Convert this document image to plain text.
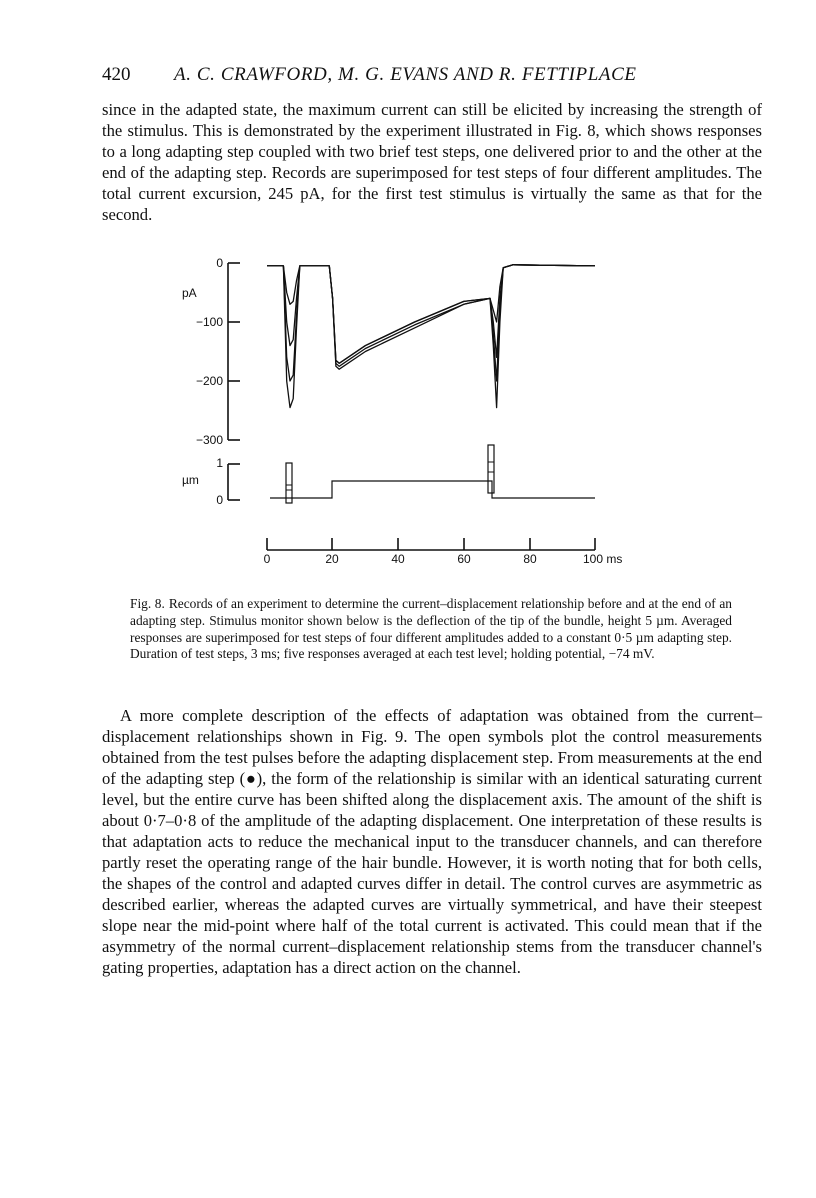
420 A. C. CRAWFORD, M. G. EVANS AND R. FETTIPLACE

since in the adapted state, the maximum current can still be elicited by increasing the strength of the stimulus. This is demonstrated by the experiment illustrated in Fig. 8, which shows responses to a long adapting step coupled with two brief test steps, one delivered prior to and the other at the end of the adapting step. Records are superimposed for test steps of four different amplitudes. The total current excursion, 245 pA, for the first test stimulus is virtually the same as that for the second.

0
pA
−100
−200
−300
1
µm
0
0	20	40	60	80	100 ms

Fig. 8. Records of an experiment to determine the current–displacement relationship before and at the end of an adapting step. Stimulus monitor shown below is the deflection of the tip of the bundle, height 5 µm. Averaged responses are superimposed for test steps of four different amplitudes added to a constant 0·5 µm adapting step. Duration of test steps, 3 ms; five responses averaged at each test level; holding potential, −74 mV.

A more complete description of the effects of adaptation was obtained from the current–displacement relationships shown in Fig. 9. The open symbols plot the control measurements obtained from the test pulses before the adapting displacement step. From measurements at the end of the adapting step (●), the form of the relationship is similar with an identical saturating current level, but the entire curve has been shifted along the displacement axis. The amount of the shift is about 0·7–0·8 of the amplitude of the adapting displacement. One interpretation of these results is that adaptation acts to reduce the mechanical input to the transducer channels, and can therefore partly reset the operating range of the hair bundle. However, it is worth noting that for both cells, the shapes of the control and adapted curves differ in detail. The control curves are asymmetric as described earlier, whereas the adapted curves are virtually symmetrical, and have their steepest slope near the mid-point where half of the total current is activated. This could mean that if the asymmetry of the normal current–displacement relationship stems from the transducer channel's gating properties, adaptation has a direct action on the channel.
